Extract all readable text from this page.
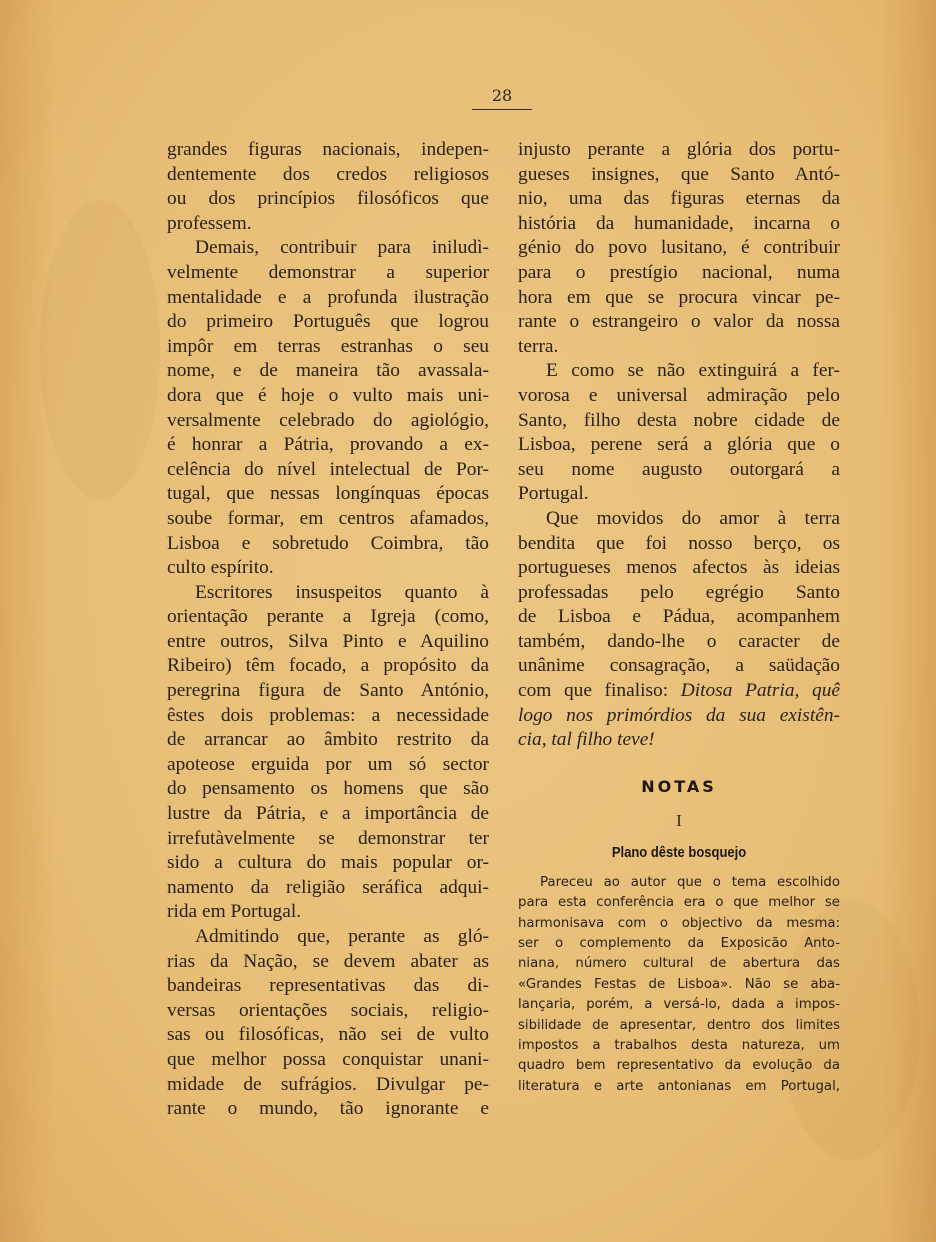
28
grandes figuras nacionais, indepen-
dentemente dos credos religiosos
ou dos princípios filosóficos que
professem.
Demais, contribuir para iniludì-
velmente demonstrar a superior
mentalidade e a profunda ilustração
do primeiro Português que logrou
impôr em terras estranhas o seu
nome, e de maneira tão avassala-
dora que é hoje o vulto mais uni-
versalmente celebrado do agiológio,
é honrar a Pátria, provando a ex-
celência do nível intelectual de Por-
tugal, que nessas longínquas épocas
soube formar, em centros afamados,
Lisboa e sobretudo Coimbra, tão
culto espírito.
Escritores insuspeitos quanto à
orientação perante a Igreja (como,
entre outros, Silva Pinto e Aquilino
Ribeiro) têm focado, a propósito da
peregrina figura de Santo António,
êstes dois problemas: a necessidade
de arrancar ao âmbito restrito da
apoteose erguida por um só sector
do pensamento os homens que são
lustre da Pátria, e a importância de
irrefutàvelmente se demonstrar ter
sido a cultura do mais popular or-
namento da religião seráfica adqui-
rida em Portugal.
Admitindo que, perante as gló-
rias da Nação, se devem abater as
bandeiras representativas das di-
versas orientações sociais, religio-
sas ou filosóficas, não sei de vulto
que melhor possa conquistar unani-
midade de sufrágios. Divulgar pe-
rante o mundo, tão ignorante e
injusto perante a glória dos portu-
gueses insignes, que Santo Antó-
nio, uma das figuras eternas da
história da humanidade, incarna o
génio do povo lusitano, é contribuir
para o prestígio nacional, numa
hora em que se procura vincar pe-
rante o estrangeiro o valor da nossa
terra.
E como se não extinguirá a fer-
vorosa e universal admiração pelo
Santo, filho desta nobre cidade de
Lisboa, perene será a glória que o
seu nome augusto outorgará a
Portugal.
Que movidos do amor à terra
bendita que foi nosso berço, os
portugueses menos afectos às ideias
professadas pelo egrégio Santo
de Lisboa e Pádua, acompanhem
também, dando-lhe o caracter de
unânime consagração, a saüdação
com que finaliso: Ditosa Patria, quê
logo nos primórdios da sua existên-
cia, tal filho teve!
NOTAS
I
Plano dêste bosquejo
Pareceu ao autor que o tema escolhido
para esta conferência era o que melhor se
harmonisava com o objectivo da mesma:
ser o complemento da Exposicão Anto-
niana, número cultural de abertura das
«Grandes Festas de Lisboa». Não se aba-
lançaria, porém, a versá-lo, dada a impos-
sibilidade de apresentar, dentro dos limites
impostos a trabalhos desta natureza, um
quadro bem representativo da evolução da
literatura e arte antonianas em Portugal,
